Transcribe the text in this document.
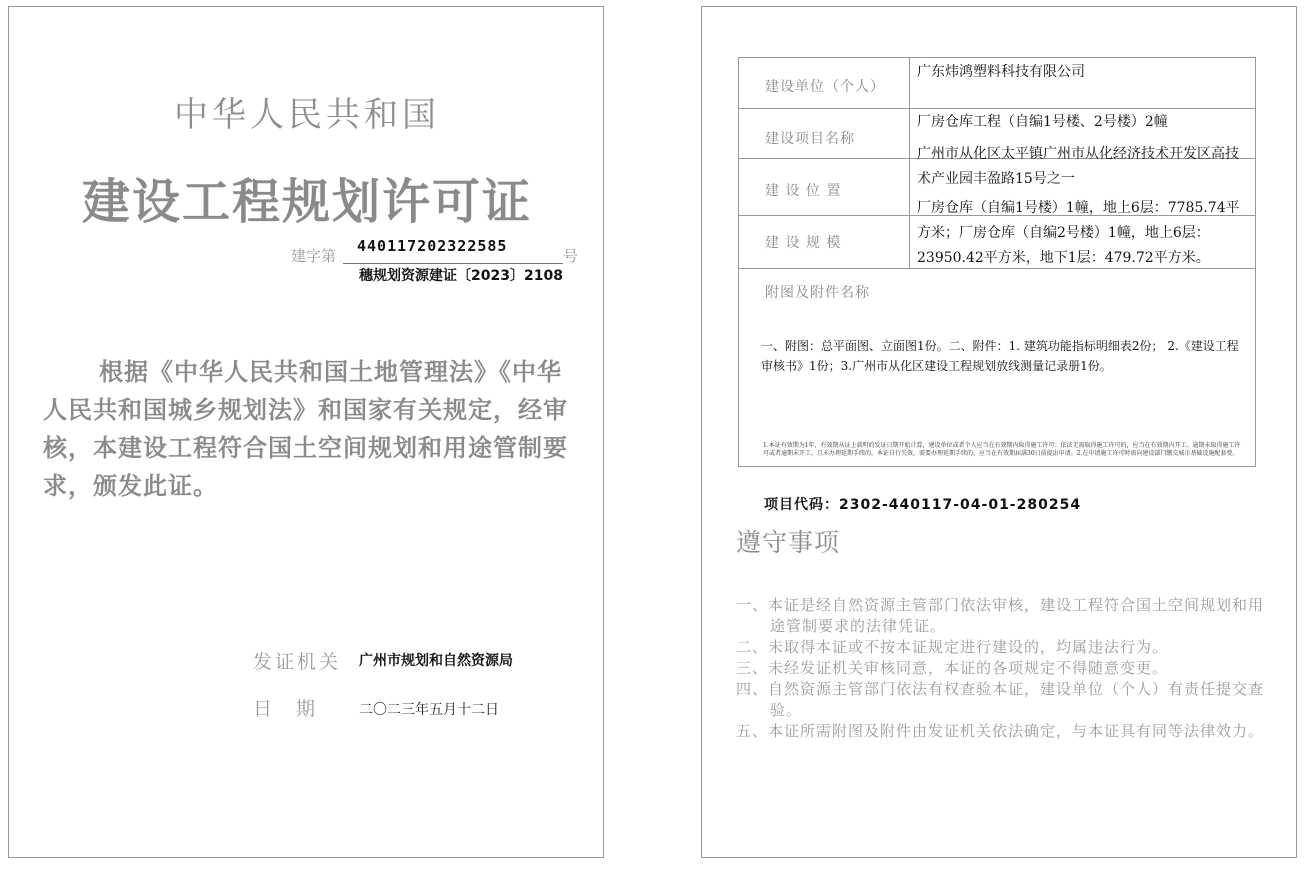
中华人民共和国
建设工程规划许可证
建字第
440117202322585
号
穗规划资源建证〔2023〕2108
根据《中华人民共和国土地管理法》《中华人民共和国城乡规划法》和国家有关规定，经审核，本建设工程符合国土空间规划和用途管制要求，颁发此证。
发证机关 广州市规划和自然资源局
日期 二〇二三年五月十二日
建设单位（个人）
广东炜鸿塑料科技有限公司
建设项目名称
厂房仓库工程（自编1号楼、2号楼）2幢
建 设 位 置
广州市从化区太平镇广州市从化经济技术开发区高技术产业园丰盈路15号之一
建 设 规 模
厂房仓库（自编1号楼）1幢，地上6层：7785.74平方米；厂房仓库（自编2号楼）1幢，地上6层：23950.42平方米，地下1层：479.72平方米。
附图及附件名称
一、附图：总平面图、立面图1份。二、附件：1. 建筑功能指标明细表2份； 2.《建设工程审核书》1份；3.广州市从化区建设工程规划放线测量记录册1份。
1.本证有效期为1年，有效期从证上载明的发证日期开始计算，建设单位或者个人应当在有效期内取得施工许可；依法无需取得施工许可的，应当在有效期内开工。逾期未取得施工许可或者逾期未开工，且未办理延期手续的，本证自行失效。需要办理延期手续的，应当在有效期届满30日前提出申请。2.在申请施工许可时需向建设部门缴交城市基础设施配套费。
项目代码：2302-440117-04-01-280254
遵守事项
一、本证是经自然资源主管部门依法审核，建设工程符合国土空间规划和用途管制要求的法律凭证。
二、未取得本证或不按本证规定进行建设的，均属违法行为。
三、未经发证机关审核同意，本证的各项规定不得随意变更。
四、自然资源主管部门依法有权查验本证，建设单位（个人）有责任提交查验。
五、本证所需附图及附件由发证机关依法确定，与本证具有同等法律效力。
